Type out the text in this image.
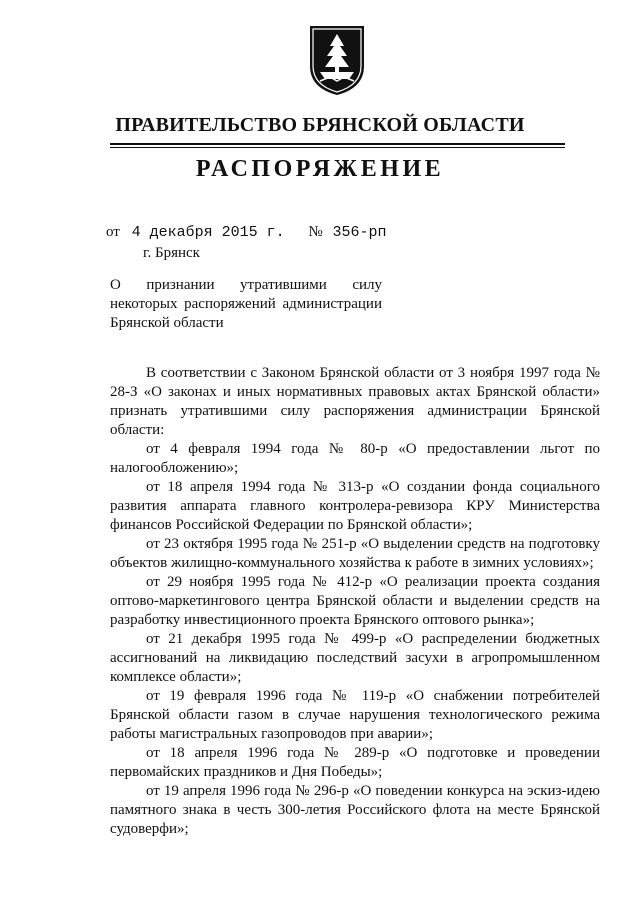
ПРАВИТЕЛЬСТВО БРЯНСКОЙ ОБЛАСТИ
РАСПОРЯЖЕНИЕ
от 4 декабря 2015 г. № 356-рп
г. Брянск
О признании утратившими силу некоторых распоряжений администрации Брянской области

В соответствии с Законом Брянской области от 3 ноября 1997 года № 28-З «О законах и иных нормативных правовых актах Брянской области» признать утратившими силу распоряжения администрации Брянской области:

от 4 февраля 1994 года № 80-р «О предоставлении льгот по налогообложению»;

от 18 апреля 1994 года № 313-р «О создании фонда социального развития аппарата главного контролера-ревизора КРУ Министерства финансов Российской Федерации по Брянской области»;

от 23 октября 1995 года № 251-р «О выделении средств на подготовку объектов жилищно-коммунального хозяйства к работе в зимних условиях»;

от 29 ноября 1995 года № 412-р «О реализации проекта создания оптово-маркетингового центра Брянской области и выделении средств на разработку инвестиционного проекта Брянского оптового рынка»;

от 21 декабря 1995 года № 499-р «О распределении бюджетных ассигнований на ликвидацию последствий засухи в агропромышленном комплексе области»;

от 19 февраля 1996 года № 119-р «О снабжении потребителей Брянской области газом в случае нарушения технологического режима работы магистральных газопроводов при аварии»;

от 18 апреля 1996 года № 289-р «О подготовке и проведении первомайских праздников и Дня Победы»;

от 19 апреля 1996 года № 296-р «О поведении конкурса на эскиз-идею памятного знака в честь 300-летия Российского флота на месте Брянской судоверфи»;
